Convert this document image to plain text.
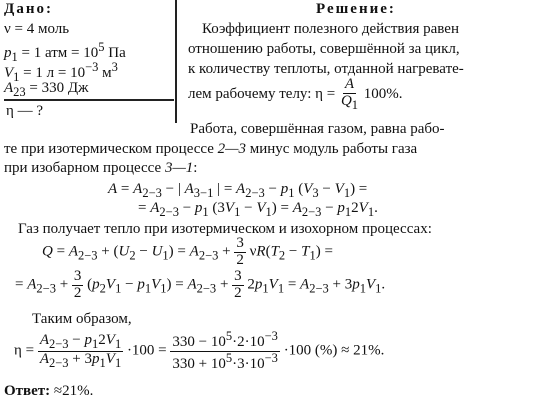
Дано:
ν = 4 моль
$p_1 = 1$ атм = $10^5$ Па
$V_1 = 1$ $л = 10^{-3}$ $м^3$
$A_{23} = 330$ Дж
η — ?
Решение:
Коэффициент полезного действия равен
отношению работы, совершённой за цикл,
к количеству теплоты, отданной нагревате-
лем рабочему телу: $\eta = \frac{A}{Q_1} 100\%$.
Работа, совершённая газом, равна рабо-
те при изотермическом процессе 2—3 минус модуль работы газа
при изобарном процессе 3—1:
$A = A_{2-3}$ − | $A_{3-1}$ | = $A_{2-3} - p_1$ $(V_3 - V_1)$ =
= $A_{2-3} - p_1$ $(3V_1 - V_1) = A_{2-3} - p_12V_1$.
Газ получает тепло при изотермическом и изохорном процессах:
$Q = A_{2-3} + (U_2 - U_1) = A_{2-3} + \frac{3}{2} \nu R(T_2 - T_1)$ =
= $A_{2-3} + \frac{3}{2} (p_2V_1 - p_1V_1) = A_{2-3} + \frac{3}{2} 2p_1V_1 = A_{2-3} + 3p_1V_1$.
Таким образом,
$\eta = \frac{A_{2-3} - p_12V_1}{A_{2-3} + 3p_1V_1} \cdot 100 = \frac{330 - 10^5\cdot 2\cdot 10^{-3}}{330 + 10^5\cdot 3\cdot 10^{-3}} \cdot 100$ (%) ≈ 21%.
Ответ: ≈21%.
